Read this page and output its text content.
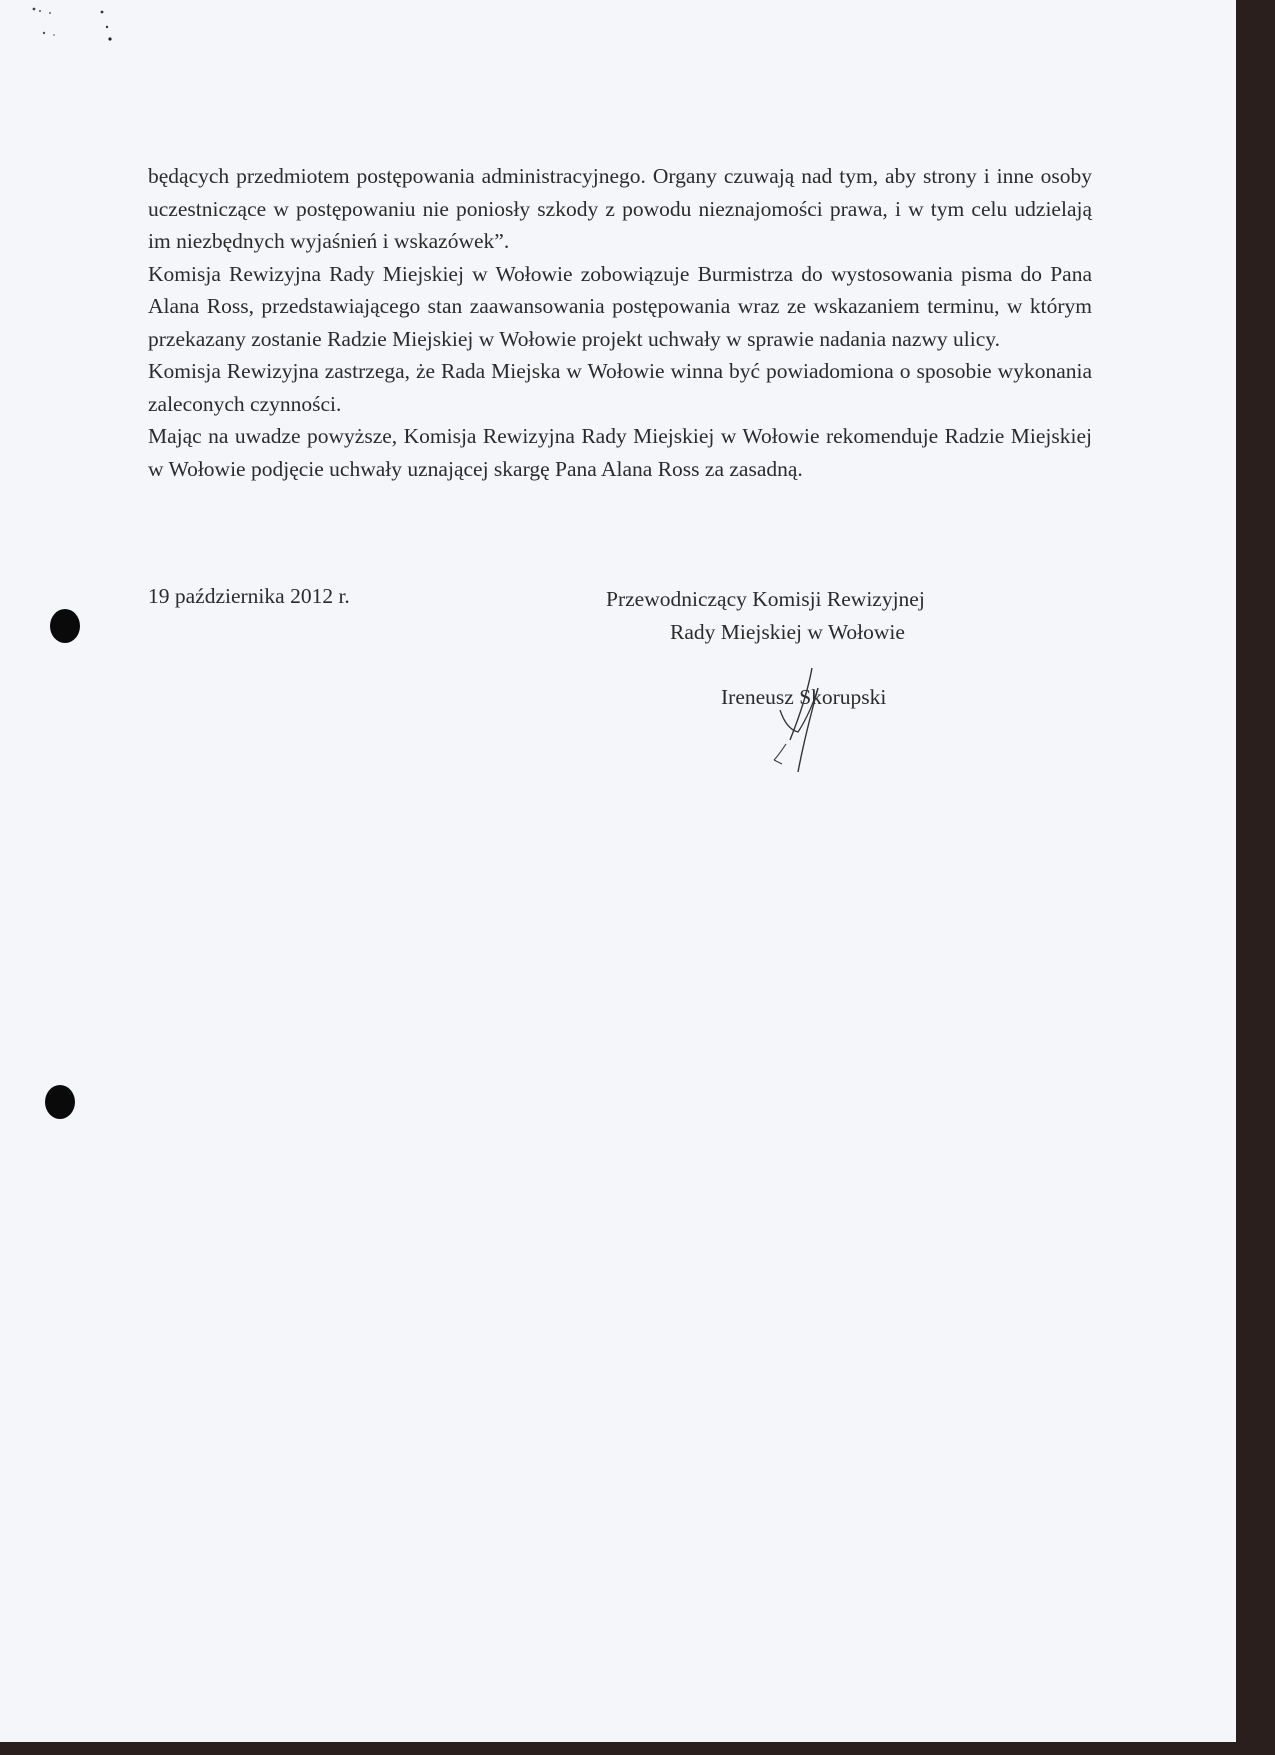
będących przedmiotem postępowania administracyjnego. Organy czuwają nad tym, aby strony i inne osoby uczestniczące w postępowaniu nie poniosły szkody z powodu nieznajomości prawa, i w tym celu udzielają im niezbędnych wyjaśnień i wskazówek”.

Komisja Rewizyjna Rady Miejskiej w Wołowie zobowiązuje Burmistrza do wystosowania pisma do Pana Alana Ross, przedstawiającego stan zaawansowania postępowania wraz ze wskazaniem terminu, w którym przekazany zostanie Radzie Miejskiej w Wołowie projekt uchwały w sprawie nadania nazwy ulicy.

Komisja Rewizyjna zastrzega, że Rada Miejska w Wołowie winna być powiadomiona o sposobie wykonania zaleconych czynności.

Mając na uwadze powyższe, Komisja Rewizyjna Rady Miejskiej w Wołowie rekomenduje Radzie Miejskiej w Wołowie podjęcie uchwały uznającej skargę Pana Alana Ross za zasadną.

19 października 2012 r.	Przewodniczący Komisji Rewizyjnej
Rady Miejskiej w Wołowie
Ireneusz Skorupski
